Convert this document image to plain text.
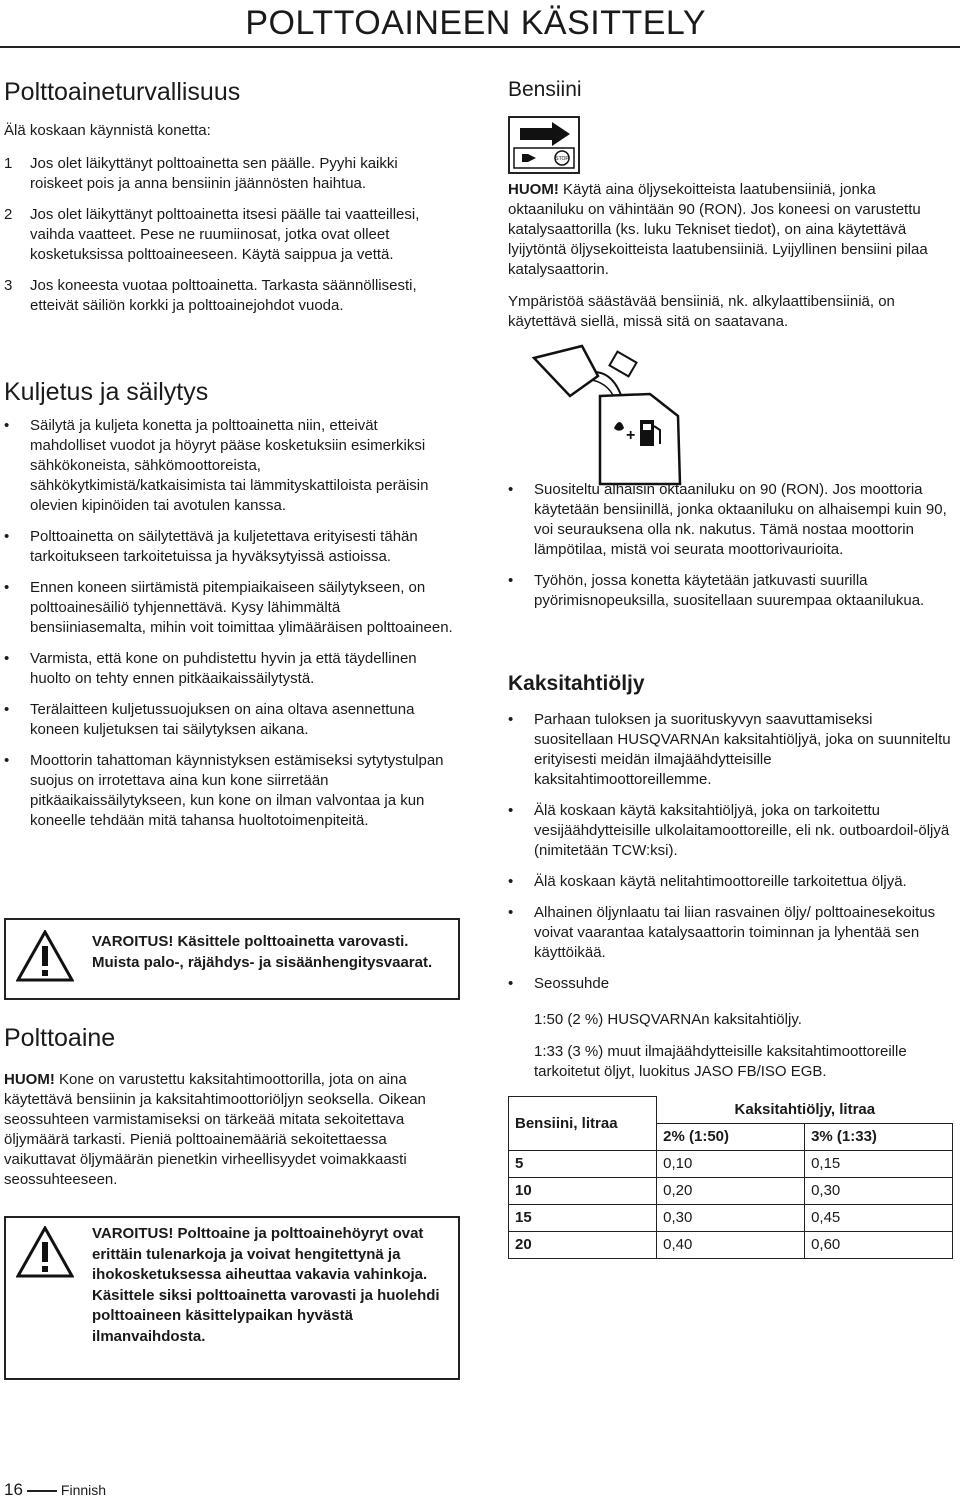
POLTTOAINEEN KÄSITTELY
Polttoaineturvallisuus

Älä koskaan käynnistä konetta:

1	Jos olet läikyttänyt polttoainetta sen päälle. Pyyhi kaikki roiskeet pois ja anna bensiinin jäännösten haihtua.
2	Jos olet läikyttänyt polttoainetta itsesi päälle tai vaatteillesi, vaihda vaatteet. Pese ne ruumiinosat, jotka ovat olleet kosketuksissa polttoaineeseen. Käytä saippua ja vettä.
3	Jos koneesta vuotaa polttoainetta. Tarkasta säännöllisesti, etteivät säiliön korkki ja polttoainejohdot vuoda.
Kuljetus ja säilytys
•	Säilytä ja kuljeta konetta ja polttoainetta niin, etteivät mahdolliset vuodot ja höyryt pääse kosketuksiin esimerkiksi sähkökoneista, sähkömoottoreista, sähkökytkimistä/katkaisimista tai lämmityskattiloista peräisin olevien kipinöiden tai avotulen kanssa.
•	Polttoainetta on säilytettävä ja kuljetettava erityisesti tähän tarkoitukseen tarkoitetuissa ja hyväksytyissä astioissa.
•	Ennen koneen siirtämistä pitempiaikaiseen säilytykseen, on polttoainesäiliö tyhjennettävä. Kysy lähimmältä bensiiniasemalta, mihin voit toimittaa ylimääräisen polttoaineen.
•	Varmista, että kone on puhdistettu hyvin ja että täydellinen huolto on tehty ennen pitkäaikaissäilytystä.
•	Terälaitteen kuljetussuojuksen on aina oltava asennettuna koneen kuljetuksen tai säilytyksen aikana.
•	Moottorin tahattoman käynnistyksen estämiseksi sytytystulpan suojus on irrotettava aina kun kone siirretään pitkäaikaissäilytykseen, kun kone on ilman valvontaa ja kun koneelle tehdään mitä tahansa huoltotoimenpiteitä.
VAROITUS! Käsittele polttoainetta varovasti. Muista palo-, räjähdys- ja sisäänhengitysvaarat.
Polttoaine

HUOM! Kone on varustettu kaksitahtimoottorilla, jota on aina käytettävä bensiinin ja kaksitahtimoottoriöljyn seoksella. Oikean seossuhteen varmistamiseksi on tärkeää mitata sekoitettava öljymäärä tarkasti. Pieniä polttoainemääriä sekoitettaessa vaikuttavat öljymäärän pienetkin virheellisyydet voimakkaasti seossuhteeseen.

VAROITUS! Polttoaine ja polttoainehöyryt ovat erittäin tulenarkoja ja voivat hengitettynä ja ihokosketuksessa aiheuttaa vakavia vahinkoja. Käsittele siksi polttoainetta varovasti ja huolehdi polttoaineen käsittelypaikan hyvästä ilmanvaihdosta.
Bensiini
STOP

HUOM! Käytä aina öljysekoitteista laatubensiiniä, jonka oktaaniluku on vähintään 90 (RON). Jos koneesi on varustettu katalysaattorilla (ks. luku Tekniset tiedot), on aina käytettävä lyijytöntä öljysekoitteista laatubensiiniä. Lyijyllinen bensiini pilaa katalysaattorin.

Ympäristöä säästävää bensiiniä, nk. alkylaattibensiiniä, on käytettävä siellä, missä sitä on saatavana.

+
•	Suositeltu alhaisin oktaaniluku on 90 (RON). Jos moottoria käytetään bensiinillä, jonka oktaaniluku on alhaisempi kuin 90, voi seurauksena olla nk. nakutus. Tämä nostaa moottorin lämpötilaa, mistä voi seurata moottorivaurioita.
•	Työhön, jossa konetta käytetään jatkuvasti suurilla pyörimisnopeuksilla, suositellaan suurempaa oktaanilukua.
Kaksitahtiöljy
•	Parhaan tuloksen ja suorituskyvyn saavuttamiseksi suositellaan HUSQVARNAn kaksitahtiöljyä, joka on suunniteltu erityisesti meidän ilmajäähdytteisille kaksitahtimoottoreillemme.
•	Älä koskaan käytä kaksitahtiöljyä, joka on tarkoitettu vesijäähdytteisille ulkolaitamoottoreille, eli nk. outboardoil-öljyä (nimitetään TCW:ksi).
•	Älä koskaan käytä nelitahtimoottoreille tarkoitettua öljyä.
•	Alhainen öljynlaatu tai liian rasvainen öljy/ polttoainesekoitus voivat vaarantaa katalysaattorin toiminnan ja lyhentää sen käyttöikää.
•	Seossuhde

1:50 (2 %) HUSQVARNAn kaksitahtiöljy.

1:33 (3 %) muut ilmajäähdytteisille kaksitahtimoottoreille tarkoitetut öljyt, luokitus JASO FB/ISO EGB.

Bensiini, litraa	Kaksitahtiöljy, litraa	
	2% (1:50)	3% (1:33)
5	0,10	0,15
10	0,20	0,30
15	0,30	0,45
20	0,40	0,60
16	Finnish
